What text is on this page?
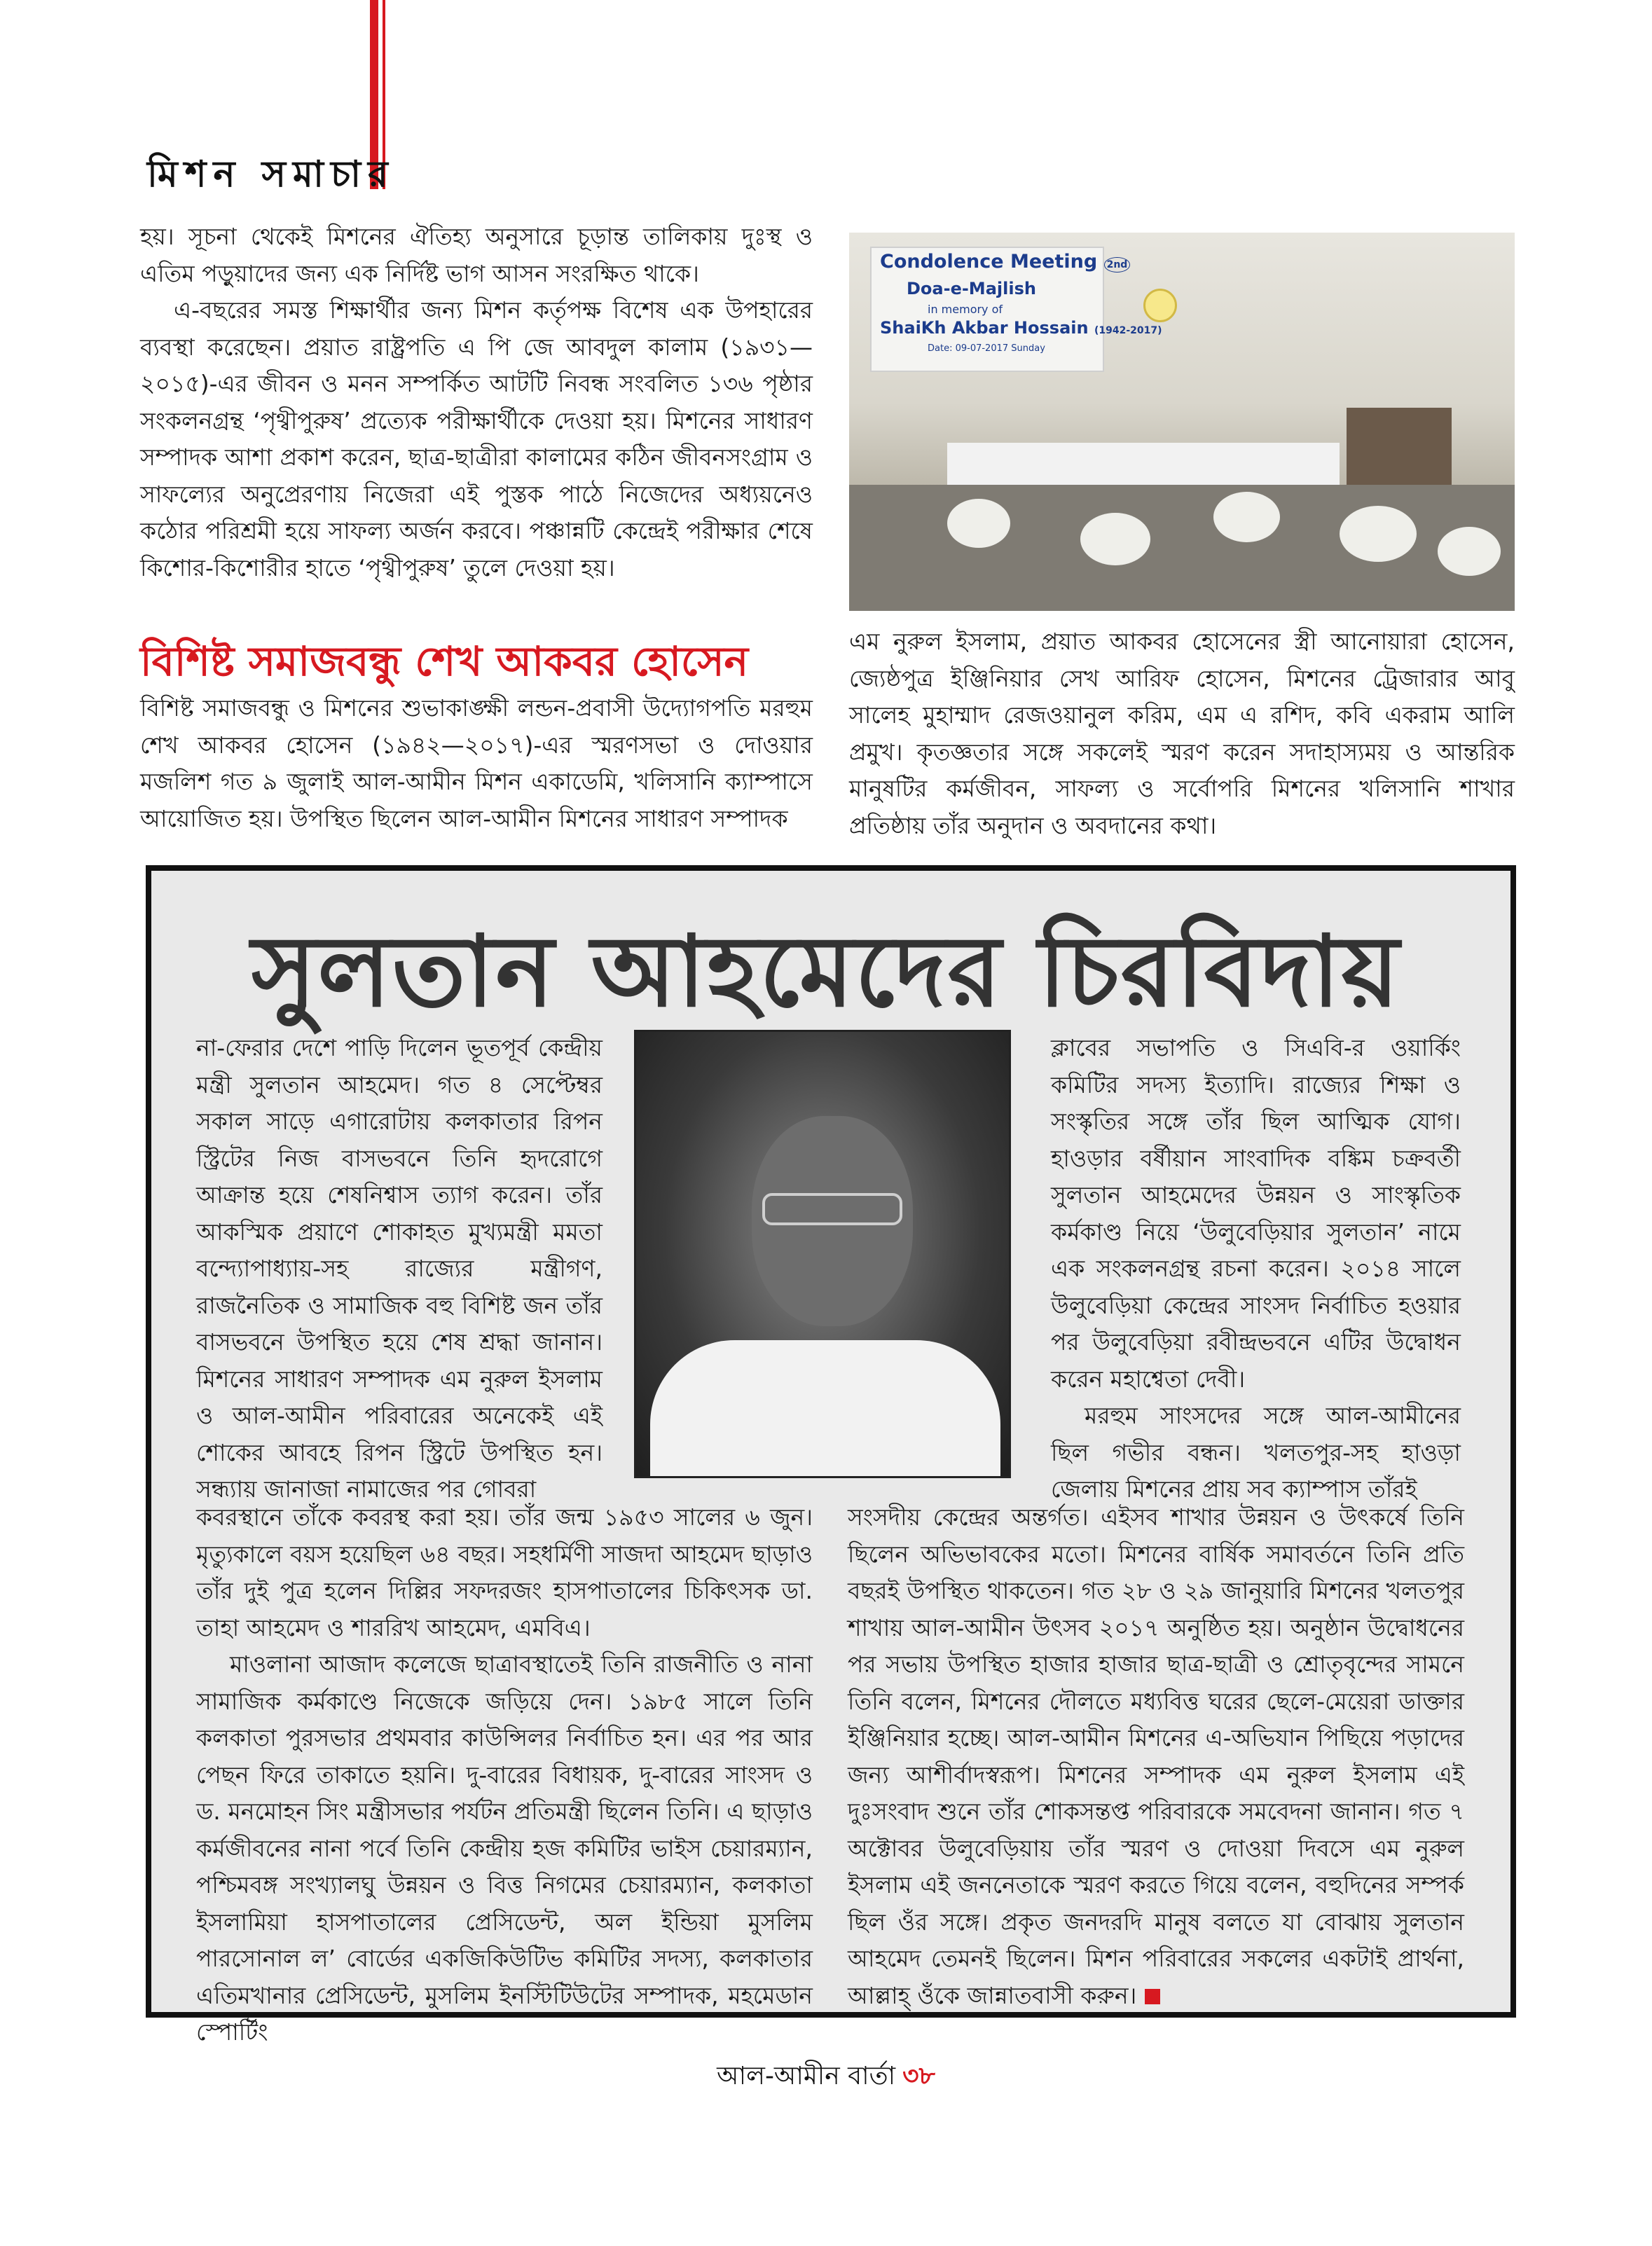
মিশন সমাচার

হয়। সূচনা থেকেই মিশনের ঐতিহ্য অনুসারে চূড়ান্ত তালিকায় দুঃস্থ ও এতিম পড়ুয়াদের জন্য এক নির্দিষ্ট ভাগ আসন সংরক্ষিত থাকে।

এ-বছরের সমস্ত শিক্ষার্থীর জন্য মিশন কর্তৃপক্ষ বিশেষ এক উপহারের ব্যবস্থা করেছেন। প্রয়াত রাষ্ট্রপতি এ পি জে আবদুল কালাম (১৯৩১—২০১৫)-এর জীবন ও মনন সম্পর্কিত আটটি নিবন্ধ সংবলিত ১৩৬ পৃষ্ঠার সংকলনগ্রন্থ ‘পৃথ্বীপুরুষ’ প্রত্যেক পরীক্ষার্থীকে দেওয়া হয়। মিশনের সাধারণ সম্পাদক আশা প্রকাশ করেন, ছাত্র-ছাত্রীরা কালামের কঠিন জীবনসংগ্রাম ও সাফল্যের অনুপ্রেরণায় নিজেরা এই পুস্তক পাঠে নিজেদের অধ্যয়নেও কঠোর পরিশ্রমী হয়ে সাফল্য অর্জন করবে। পঞ্চান্নটি কেন্দ্রেই পরীক্ষার শেষে কিশোর-কিশোরীর হাতে ‘পৃথ্বীপুরুষ’ তুলে দেওয়া হয়।

Condolence Meeting 2nd
Doa-e-Majlish
in memory of
ShaiKh Akbar Hossain (1942-2017)
Date: 09-07-2017 Sunday
বিশিষ্ট সমাজবন্ধু শেখ আকবর হোসেন

বিশিষ্ট সমাজবন্ধু ও মিশনের শুভাকাঙ্ক্ষী লন্ডন-প্রবাসী উদ্যোগপতি মরহুম শেখ আকবর হোসেন (১৯৪২—২০১৭)-এর স্মরণসভা ও দোওয়ার মজলিশ গত ৯ জুলাই আল-আমীন মিশন একাডেমি, খলিসানি ক্যাম্পাসে আয়োজিত হয়। উপস্থিত ছিলেন আল-আমীন মিশনের সাধারণ সম্পাদক

এম নুরুল ইসলাম, প্রয়াত আকবর হোসেনের স্ত্রী আনোয়ারা হোসেন, জ্যেষ্ঠপুত্র ইঞ্জিনিয়ার সেখ আরিফ হোসেন, মিশনের ট্রেজারার আবু সালেহ মুহাম্মাদ রেজওয়ানুল করিম, এম এ রশিদ, কবি একরাম আলি প্রমুখ। কৃতজ্ঞতার সঙ্গে সকলেই স্মরণ করেন সদাহাস্যময় ও আন্তরিক মানুষটির কর্মজীবন, সাফল্য ও সর্বোপরি মিশনের খলিসানি শাখার প্রতিষ্ঠায় তাঁর অনুদান ও অবদানের কথা।

সুলতান আহমেদের চিরবিদায়

না-ফেরার দেশে পাড়ি দিলেন ভূতপূর্ব কেন্দ্রীয় মন্ত্রী সুলতান আহমেদ। গত ৪ সেপ্টেম্বর সকাল সাড়ে এগারোটায় কলকাতার রিপন স্ট্রিটের নিজ বাসভবনে তিনি হৃদরোগে আক্রান্ত হয়ে শেষনিশ্বাস ত্যাগ করেন। তাঁর আকস্মিক প্রয়াণে শোকাহত মুখ্যমন্ত্রী মমতা বন্দ্যোপাধ্যায়-সহ রাজ্যের মন্ত্রীগণ, রাজনৈতিক ও সামাজিক বহু বিশিষ্ট জন তাঁর বাসভবনে উপস্থিত হয়ে শেষ শ্রদ্ধা জানান। মিশনের সাধারণ সম্পাদক এম নুরুল ইসলাম ও আল-আমীন পরিবারের অনেকেই এই শোকের আবহে রিপন স্ট্রিটে উপস্থিত হন। সন্ধ্যায় জানাজা নামাজের পর গোবরা

ক্লাবের সভাপতি ও সিএবি-র ওয়ার্কিং কমিটির সদস্য ইত্যাদি। রাজ্যের শিক্ষা ও সংস্কৃতির সঙ্গে তাঁর ছিল আত্মিক যোগ। হাওড়ার বর্ষীয়ান সাংবাদিক বঙ্কিম চক্রবর্তী সুলতান আহমেদের উন্নয়ন ও সাংস্কৃতিক কর্মকাণ্ড নিয়ে ‘উলুবেড়িয়ার সুলতান’ নামে এক সংকলনগ্রন্থ রচনা করেন। ২০১৪ সালে উলুবেড়িয়া কেন্দ্রের সাংসদ নির্বাচিত হওয়ার পর উলুবেড়িয়া রবীন্দ্রভবনে এটির উদ্বোধন করেন মহাশ্বেতা দেবী।

মরহুম সাংসদের সঙ্গে আল-আমীনের ছিল গভীর বন্ধন। খলতপুর-সহ হাওড়া জেলায় মিশনের প্রায় সব ক্যাম্পাস তাঁরই

কবরস্থানে তাঁকে কবরস্থ করা হয়। তাঁর জন্ম ১৯৫৩ সালের ৬ জুন। মৃত্যুকালে বয়স হয়েছিল ৬৪ বছর। সহধর্মিণী সাজদা আহমেদ ছাড়াও তাঁর দুই পুত্র হলেন দিল্লির সফদরজং হাসপাতালের চিকিৎসক ডা. তাহা আহমেদ ও শাররিখ আহমেদ, এমবিএ।

মাওলানা আজাদ কলেজে ছাত্রাবস্থাতেই তিনি রাজনীতি ও নানা সামাজিক কর্মকাণ্ডে নিজেকে জড়িয়ে দেন। ১৯৮৫ সালে তিনি কলকাতা পুরসভার প্রথমবার কাউন্সিলর নির্বাচিত হন। এর পর আর পেছন ফিরে তাকাতে হয়নি। দু-বারের বিধায়ক, দু-বারের সাংসদ ও ড. মনমোহন সিং মন্ত্রীসভার পর্যটন প্রতিমন্ত্রী ছিলেন তিনি। এ ছাড়াও কর্মজীবনের নানা পর্বে তিনি কেন্দ্রীয় হজ কমিটির ভাইস চেয়ারম্যান, পশ্চিমবঙ্গ সংখ্যালঘু উন্নয়ন ও বিত্ত নিগমের চেয়ারম্যান, কলকাতা ইসলামিয়া হাসপাতালের প্রেসিডেন্ট, অল ইন্ডিয়া মুসলিম পারসোনাল ল’ বোর্ডের একজিকিউটিভ কমিটির সদস্য, কলকাতার এতিমখানার প্রেসিডেন্ট, মুসলিম ইনস্টিটিউটের সম্পাদক, মহমেডান স্পোর্টিং

সংসদীয় কেন্দ্রের অন্তর্গত। এইসব শাখার উন্নয়ন ও উৎকর্ষে তিনি ছিলেন অভিভাবকের মতো। মিশনের বার্ষিক সমাবর্তনে তিনি প্রতি বছরই উপস্থিত থাকতেন। গত ২৮ ও ২৯ জানুয়ারি মিশনের খলতপুর শাখায় আল-আমীন উৎসব ২০১৭ অনুষ্ঠিত হয়। অনুষ্ঠান উদ্বোধনের পর সভায় উপস্থিত হাজার হাজার ছাত্র-ছাত্রী ও শ্রোতৃবৃন্দের সামনে তিনি বলেন, মিশনের দৌলতে মধ্যবিত্ত ঘরের ছেলে-মেয়েরা ডাক্তার ইঞ্জিনিয়ার হচ্ছে। আল-আমীন মিশনের এ-অভিযান পিছিয়ে পড়াদের জন্য আশীর্বাদস্বরূপ। মিশনের সম্পাদক এম নুরুল ইসলাম এই দুঃসংবাদ শুনে তাঁর শোকসন্তপ্ত পরিবারকে সমবেদনা জানান। গত ৭ অক্টোবর উলুবেড়িয়ায় তাঁর স্মরণ ও দোওয়া দিবসে এম নুরুল ইসলাম এই জননেতাকে স্মরণ করতে গিয়ে বলেন, বহুদিনের সম্পর্ক ছিল ওঁর সঙ্গে। প্রকৃত জনদরদি মানুষ বলতে যা বোঝায় সুলতান আহমেদ তেমনই ছিলেন। মিশন পরিবারের সকলের একটাই প্রার্থনা, আল্লাহ্ ওঁকে জান্নাতবাসী করুন।

আল-আমীন বার্তা ৩৮
